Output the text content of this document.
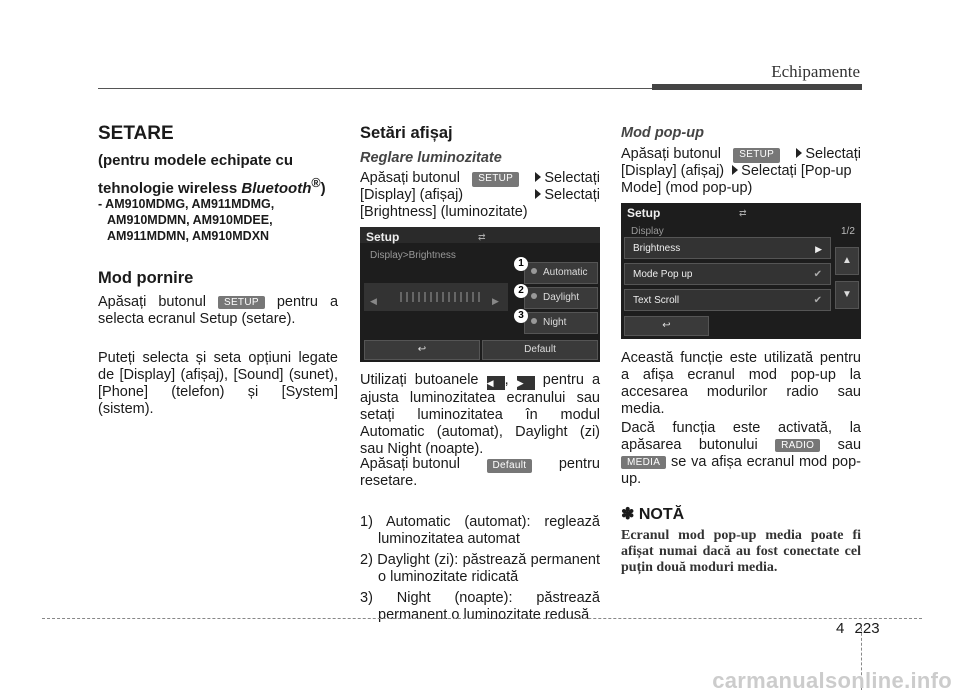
Echipamente
SETARE
(pentru modele echipate cu
tehnologie wireless Bluetooth®)
- AM910MDMG, AM911MDMG,
AM910MDMN, AM910MDEE,
AM911MDMN, AM910MDXN
Mod pornire
Apăsați butonul SETUP pentru a selecta ecranul Setup (setare).
Puteți selecta și seta opțiuni legate de [Display] (afișaj), [Sound] (sunet), [Phone] (telefon) și [System] (sistem).
Setări afișaj
Reglare luminozitate
Apăsați butonul	SETUP	Selectați
[Display] (afișaj)	Selectați
[Brightness] (luminozitate)
Setup	⇄
Display>Brightness
◀	▶
Automatic
Daylight
Night
1
2
3
↩	Default
Utilizați butoanele ◀ , ▶ pentru a ajusta luminozitatea ecranului sau setați luminozitatea în modul Automatic (automat), Daylight (zi) sau Night (noapte).
Apăsați butonul	Default	pentru
resetare.
1) Automatic (automat): reglează luminozitatea automat
2) Daylight (zi): păstrează permanent o luminozitate ridicată
3) Night (noapte): păstrează permanent o luminozitate redusă
Mod pop-up
Apăsați butonul	SETUP	Selectați
[Display] (afișaj) Selectați [Pop-up Mode] (mod pop-up)
Setup	⇄
Display	1/2
Brightness	▶
Mode Pop up	✔
Text Scroll	✔
▲
▼
↩
Această funcție este utilizată pentru a afișa ecranul mod pop-up la accesarea modurilor radio sau media.
Dacă funcția este activată, la apăsarea butonului RADIO sau MEDIA se va afișa ecranul mod pop-up.
✽ NOTĂ
Ecranul mod pop-up media poate fi afișat numai dacă au fost conectate cel puțin două moduri media.
4 223
carmanualsonline.info
